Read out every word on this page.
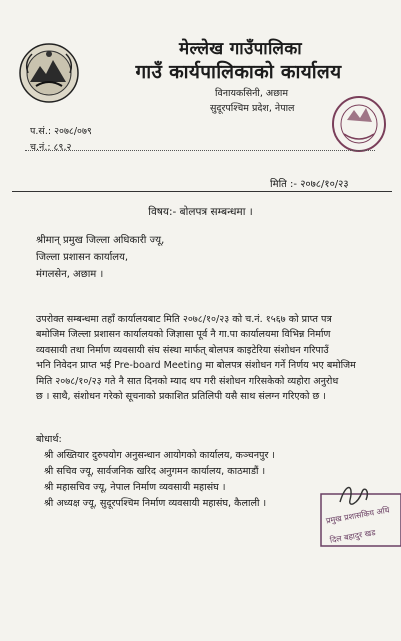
मेल्लेख गाउँपालिका
गाउँ कार्यपालिकाको कार्यालय
विनायकसिनी, अछाम
सुदूरपश्चिम प्रदेश, नेपाल
प.सं.: २०७८/०७९
च.नं.: ८९.२
मिति :- २०७८/१०/२३
विषय:- बोलपत्र सम्बन्धमा ।
श्रीमान् प्रमुख जिल्ला अधिकारी ज्यू,
जिल्ला प्रशासन कार्यालय,
मंगलसेन, अछाम ।
उपरोक्त सम्बन्धमा तहाँ कार्यालयबाट मिति २०७८/१०/२३ को च.नं. १५६७ को प्राप्त पत्र
बमोजिम जिल्ला प्रशासन कार्यालयको जिज्ञासा पूर्व नै गा.पा कार्यालयमा विभिन्न निर्माण
व्यवसायी तथा निर्माण व्यवसायी संघ संस्था मार्फत् बोलपत्र काइटेरिया संशोधन गरिपाउँ
भनि निवेदन प्राप्त भई Pre-board Meeting मा बोलपत्र संशोधन गर्ने निर्णय भए बमोजिम
मिति २०७८/१०/२३ गते नै सात दिनको म्याद थप गरी संशोधन गरिसकेको व्यहोरा अनुरोध
छ । साथै, संशोधन गरेको सूचनाको प्रकाशित प्रतिलिपी यसै साथ संलग्न गरिएको छ ।
बोधार्थ:
श्री अख्तियार दुरुपयोग अनुसन्धान आयोगको कार्यालय, कञ्चनपुर ।
श्री सचिव ज्यू, सार्वजनिक खरिद अनुगमन कार्यालय, काठमाडौं ।
श्री महासचिव ज्यू, नेपाल निर्माण व्यवसायी महासंघ ।
श्री अध्यक्ष ज्यू, सुदूरपश्चिम निर्माण व्यवसायी महासंघ, कैलाली ।
प्रमुख प्रशासकिय अधि
दिल बहादुर खड
